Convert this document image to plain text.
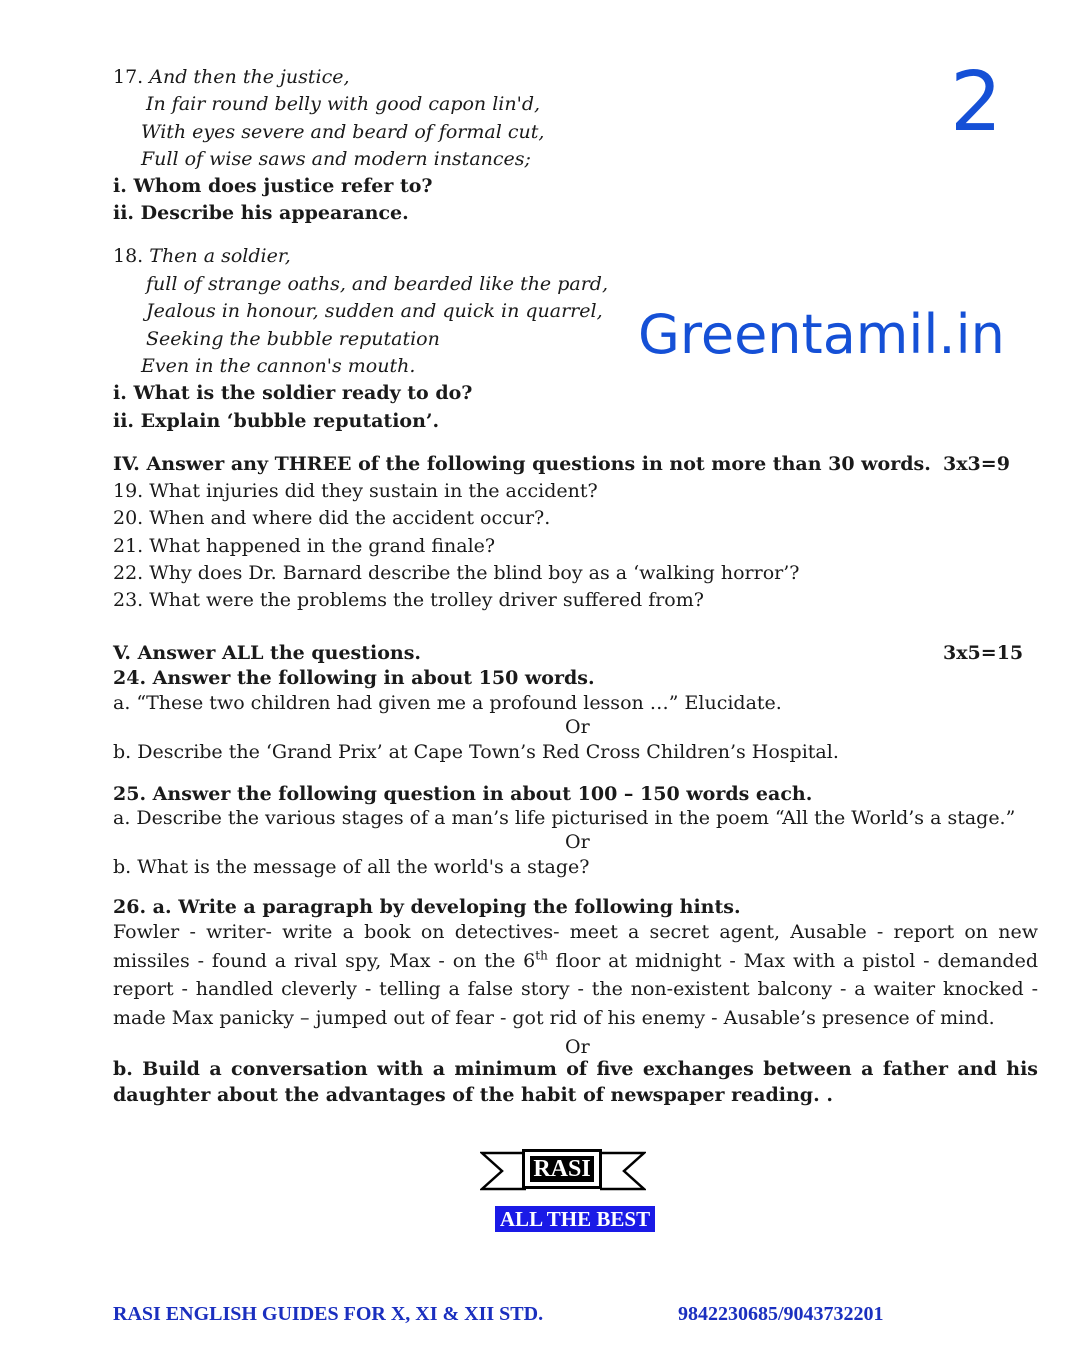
2
Greentamil.in
17. And then the justice,
In fair round belly with good capon lin'd,
With eyes severe and beard of formal cut,
Full of wise saws and modern instances;
i. Whom does justice refer to?
ii. Describe his appearance.
18. Then a soldier,
full of strange oaths, and bearded like the pard,
Jealous in honour, sudden and quick in quarrel,
Seeking the bubble reputation
Even in the cannon's mouth.
i. What is the soldier ready to do?
ii. Explain ‘bubble reputation’.
IV. Answer any THREE of the following questions in not more than 30 words. 3x3=9
19. What injuries did they sustain in the accident?
20. When and where did the accident occur?.
21. What happened in the grand finale?
22. Why does Dr. Barnard describe the blind boy as a ‘walking horror’?
23. What were the problems the trolley driver suffered from?
V. Answer ALL the questions.	3x5=15
24. Answer the following in about 150 words.
a. “These two children had given me a profound lesson …” Elucidate.
Or
b. Describe the ‘Grand Prix’ at Cape Town’s Red Cross Children’s Hospital.
25. Answer the following question in about 100 – 150 words each.
a. Describe the various stages of a man’s life picturised in the poem “All the World’s a stage.”
Or
b. What is the message of all the world's a stage?
26. a. Write a paragraph by developing the following hints.
Fowler - writer- write a book on detectives- meet a secret agent, Ausable - report on new missiles - found a rival spy, Max - on the 6th floor at midnight - Max with a pistol - demanded report - handled cleverly - telling a false story - the non-existent balcony - a waiter knocked - made Max panicky – jumped out of fear - got rid of his enemy - Ausable’s presence of mind.
Or
b. Build a conversation with a minimum of five exchanges between a father and his daughter about the advantages of the habit of newspaper reading. .
RASI
ALL THE BEST
RASI ENGLISH GUIDES FOR X, XI & XII STD.	9842230685/9043732201
